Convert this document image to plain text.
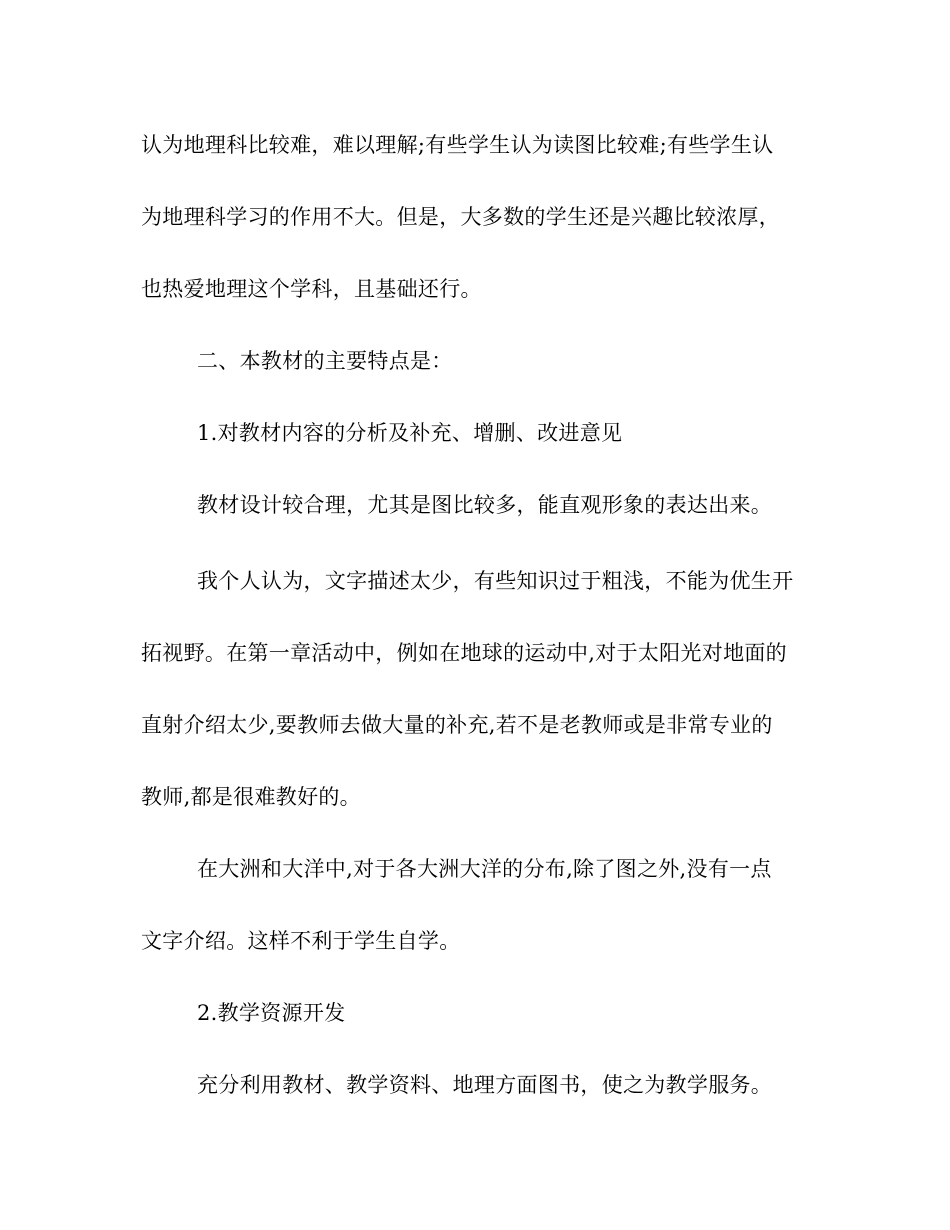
认为地理科比较难，难以理解;有些学生认为读图比较难;有些学生认
为地理科学习的作用不大。但是，大多数的学生还是兴趣比较浓厚，
也热爱地理这个学科，且基础还行。
二、本教材的主要特点是：
1.对教材内容的分析及补充、增删、改进意见
教材设计较合理，尤其是图比较多，能直观形象的表达出来。
我个人认为，文字描述太少，有些知识过于粗浅，不能为优生开
拓视野。在第一章活动中，例如在地球的运动中,对于太阳光对地面的
直射介绍太少,要教师去做大量的补充,若不是老教师或是非常专业的
教师,都是很难教好的。
在大洲和大洋中,对于各大洲大洋的分布,除了图之外,没有一点
文字介绍。这样不利于学生自学。
2.教学资源开发
充分利用教材、教学资料、地理方面图书，使之为教学服务。
